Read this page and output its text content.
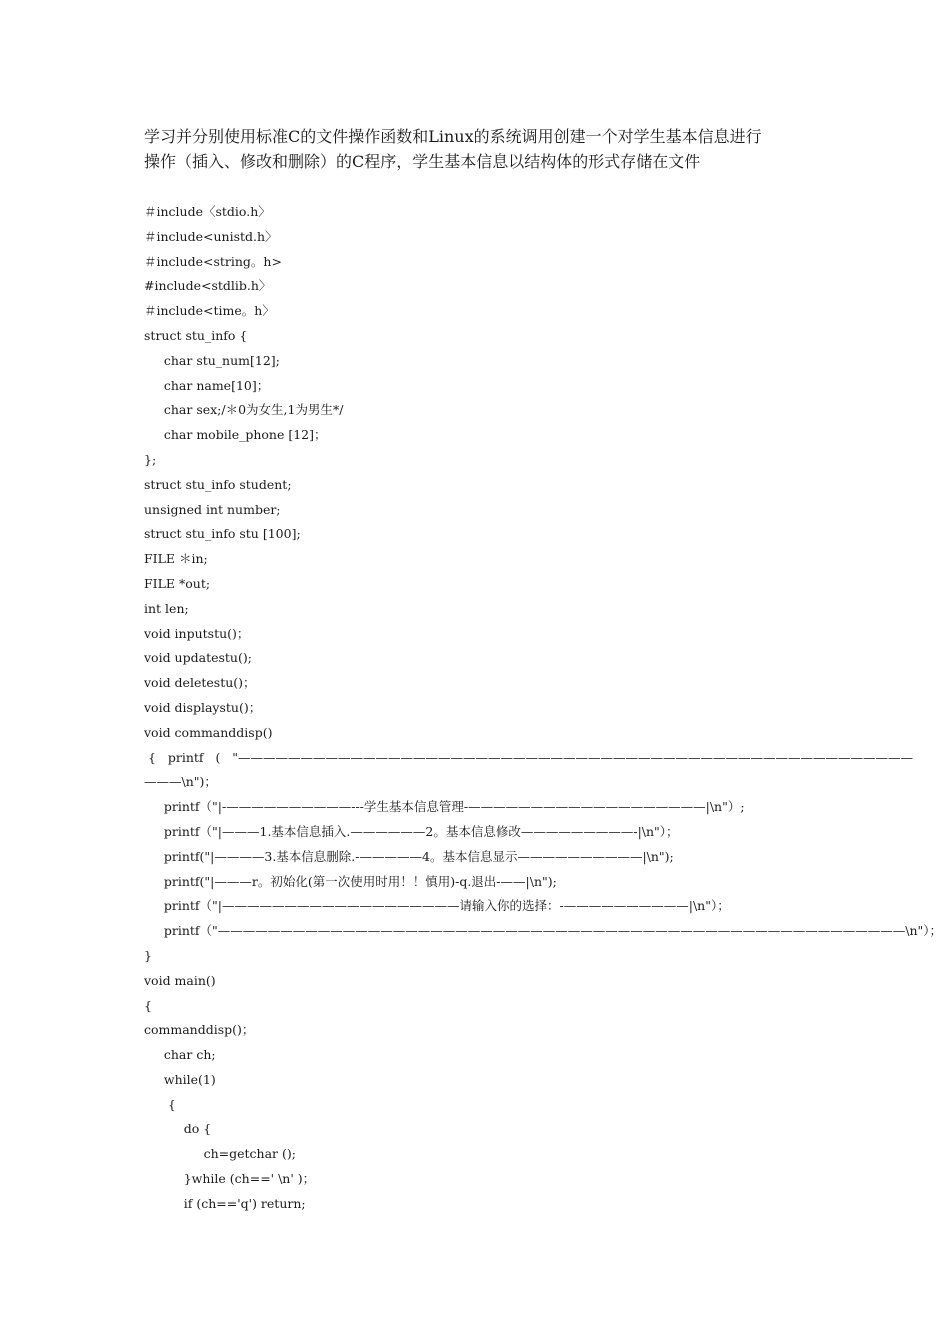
学习并分别使用标准C的文件操作函数和Linux的系统调用创建一个对学生基本信息进行

操作（插入、修改和删除）的C程序，学生基本信息以结构体的形式存储在文件

＃include〈stdio.h〉
＃include<unistd.h〉
＃include<string。h>
#include<stdlib.h〉
＃include<time。h〉
struct stu_info {
char stu_num[12];
char name[10]；
char sex;/＊0为女生,1为男生*/
char mobile_phone [12]；
};
struct stu_info student;
unsigned int number;
struct stu_info stu [100];
FILE ＊in;
FILE *out;
int len;
void inputstu()；
void updatestu();
void deletestu()；
void displaystu()；
void commanddisp()
{   printf   (   "——————————————————————————————————————————————————————
———\n")；
printf（"|-——————————---学生基本信息管理-———————————————————|\n"）;
printf（"|———1.基本信息插入.——————2。基本信息修改—————————-|\n"）；
printf("|————3.基本信息删除.-—————4。基本信息显示——————————|\n");
printf("|———r。初始化(第一次使用时用！！慎用)-q.退出-——|\n");
printf（"|———————————————————请输入你的选择：-——————————|\n"）；
printf（"———————————————————————————————————————————————————————\n"）；
}
void main()
{
commanddisp()；
char ch;
while(1)
{
do {
ch=getchar ();
}while (ch==' \n' )；
if (ch=='q') return;
